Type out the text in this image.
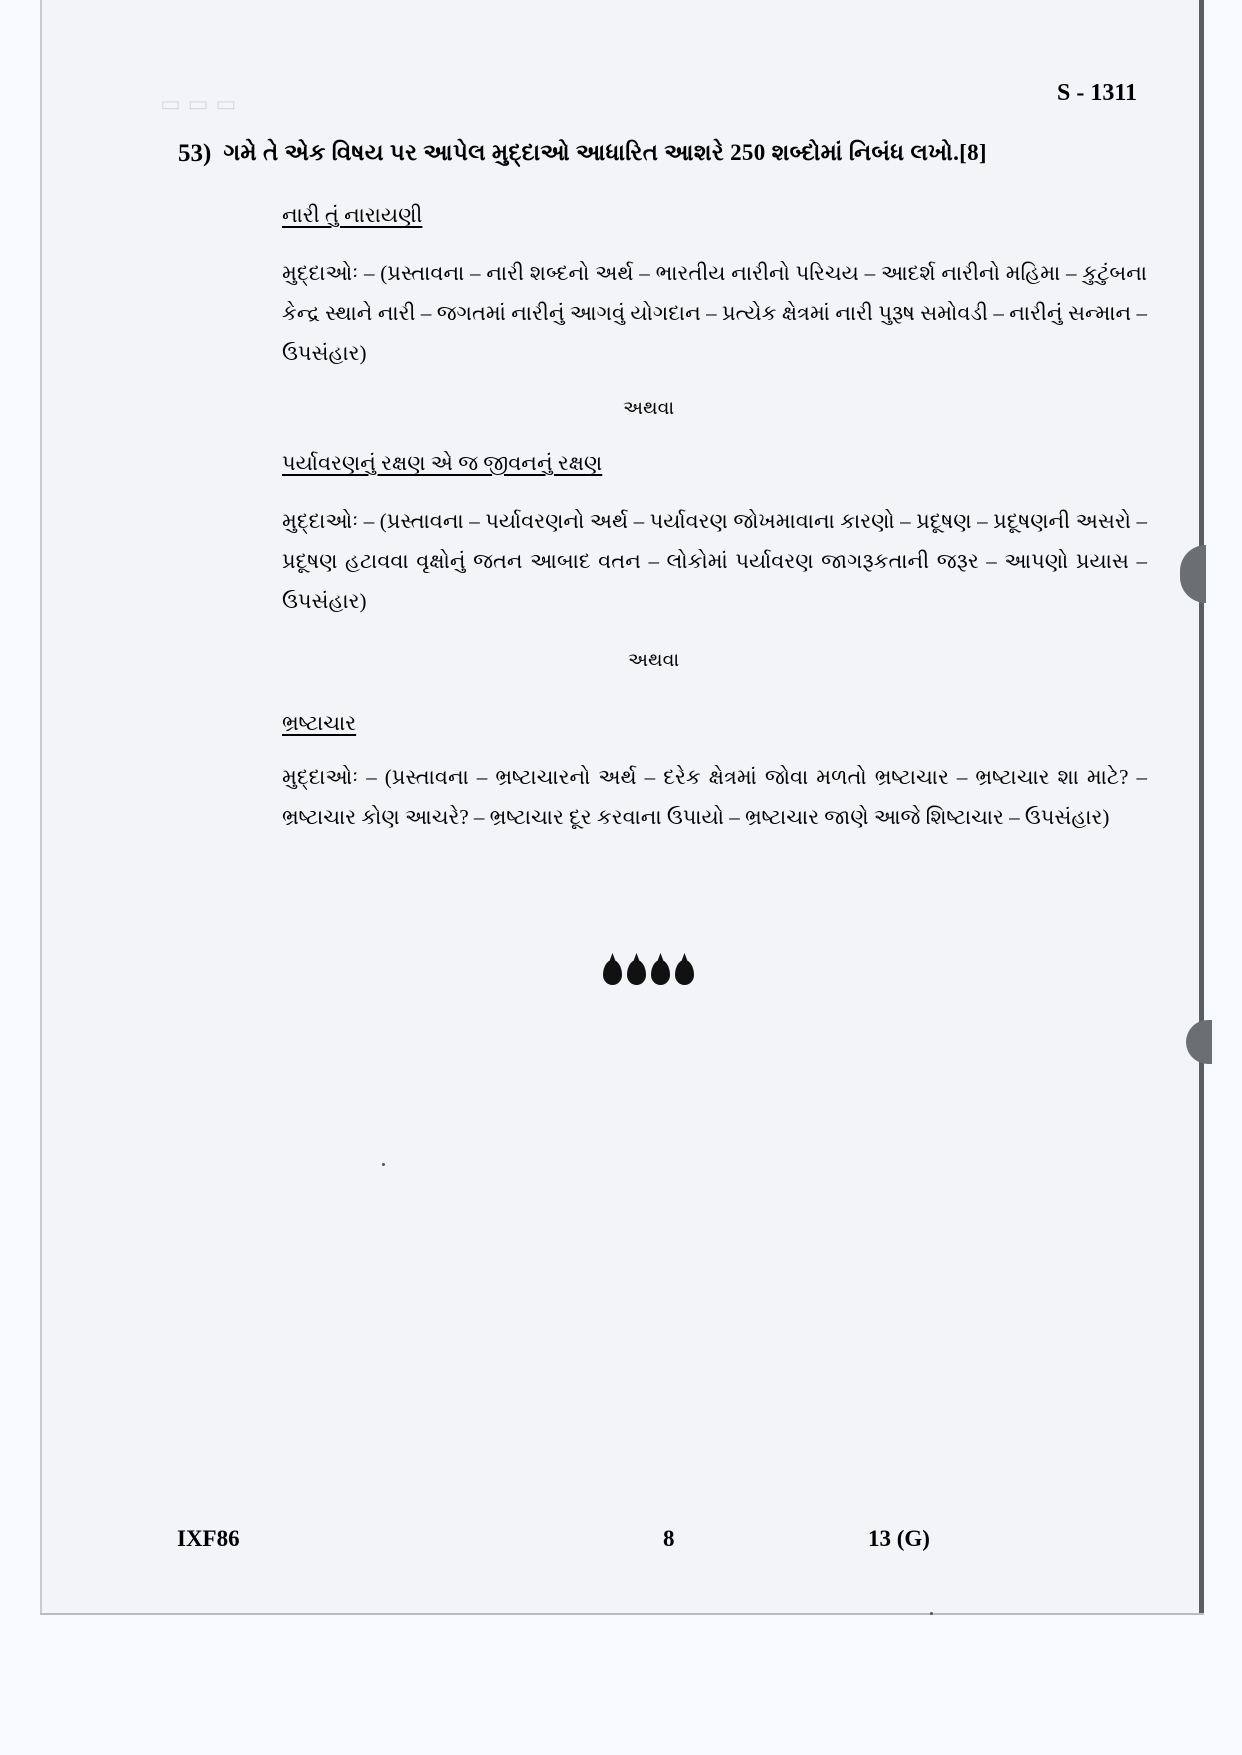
▭ ▭ ▭	S - 1311

53) ગમે તે એક વિષય પર આપેલ મુદ્દાઓ આધારિત આશરે 250 શબ્દોમાં નિબંધ લખો.[8]

નારી તું નારાયણી

મુદ્દાઓઃ – (પ્રસ્તાવના – નારી શબ્દનો અર્થ – ભારતીય નારીનો પરિચય – આદર્શ નારીનો મહિમા – કુટુંબના કેન્દ્ર સ્થાને નારી – જગતમાં નારીનું આગવું યોગદાન – પ્રત્યેક ક્ષેત્રમાં નારી પુરૂષ સમોવડી – નારીનું સન્માન – ઉપસંહાર)

અથવા

પર્યાવરણનું રક્ષણ એ જ જીવનનું રક્ષણ

મુદ્દાઓઃ – (પ્રસ્તાવના – પર્યાવરણનો અર્થ – પર્યાવરણ જોખમાવાના કારણો – પ્રદૂષણ – પ્રદૂષણની અસરો – પ્રદૂષણ હટાવવા વૃક્ષોનું જતન આબાદ વતન – લોકોમાં પર્યાવરણ જાગરૂકતાની જરૂર – આપણો પ્રયાસ – ઉપસંહાર)

અથવા

ભ્રષ્ટાચાર

મુદ્દાઓઃ – (પ્રસ્તાવના – ભ્રષ્ટાચારનો અર્થ – દરેક ક્ષેત્રમાં જોવા મળતો ભ્રષ્ટાચાર – ભ્રષ્ટાચાર શા માટે? – ભ્રષ્ટાચાર કોણ આચરે? – ભ્રષ્ટાચાર દૂર કરવાના ઉપાયો – ભ્રષ્ટાચાર જાણે આજે શિષ્ટાચાર – ઉપસંહાર)

IXF86	8	13 (G)
